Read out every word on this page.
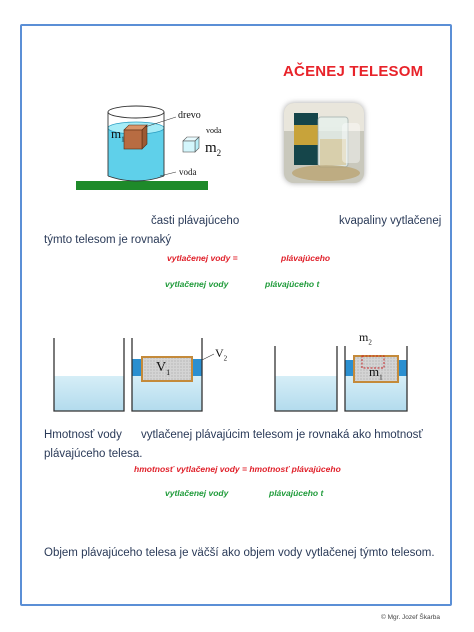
AČENEJ TELESOM
$m_1$
drevo
voda
$m_2$
voda
časti plávajúceho	kvapaliny vytlačenej
týmto telesom je rovnaký
vytlačenej vody =	plávajúceho
vytlačenej vody	plávajúceho t
$V_1$
$V_2$
$m_2$
$m_1$
Hmotnosť vody      vytlačenej plávajúcim telesom je rovnaká ako hmotnosť
plávajúceho telesa.
hmotnosť vytlačenej vody = hmotnosť plávajúceho
vytlačenej vody	plávajúceho t
Objem plávajúceho telesa je väčší ako objem vody vytlačenej týmto telesom.
© Mgr. Jozef Škarba
